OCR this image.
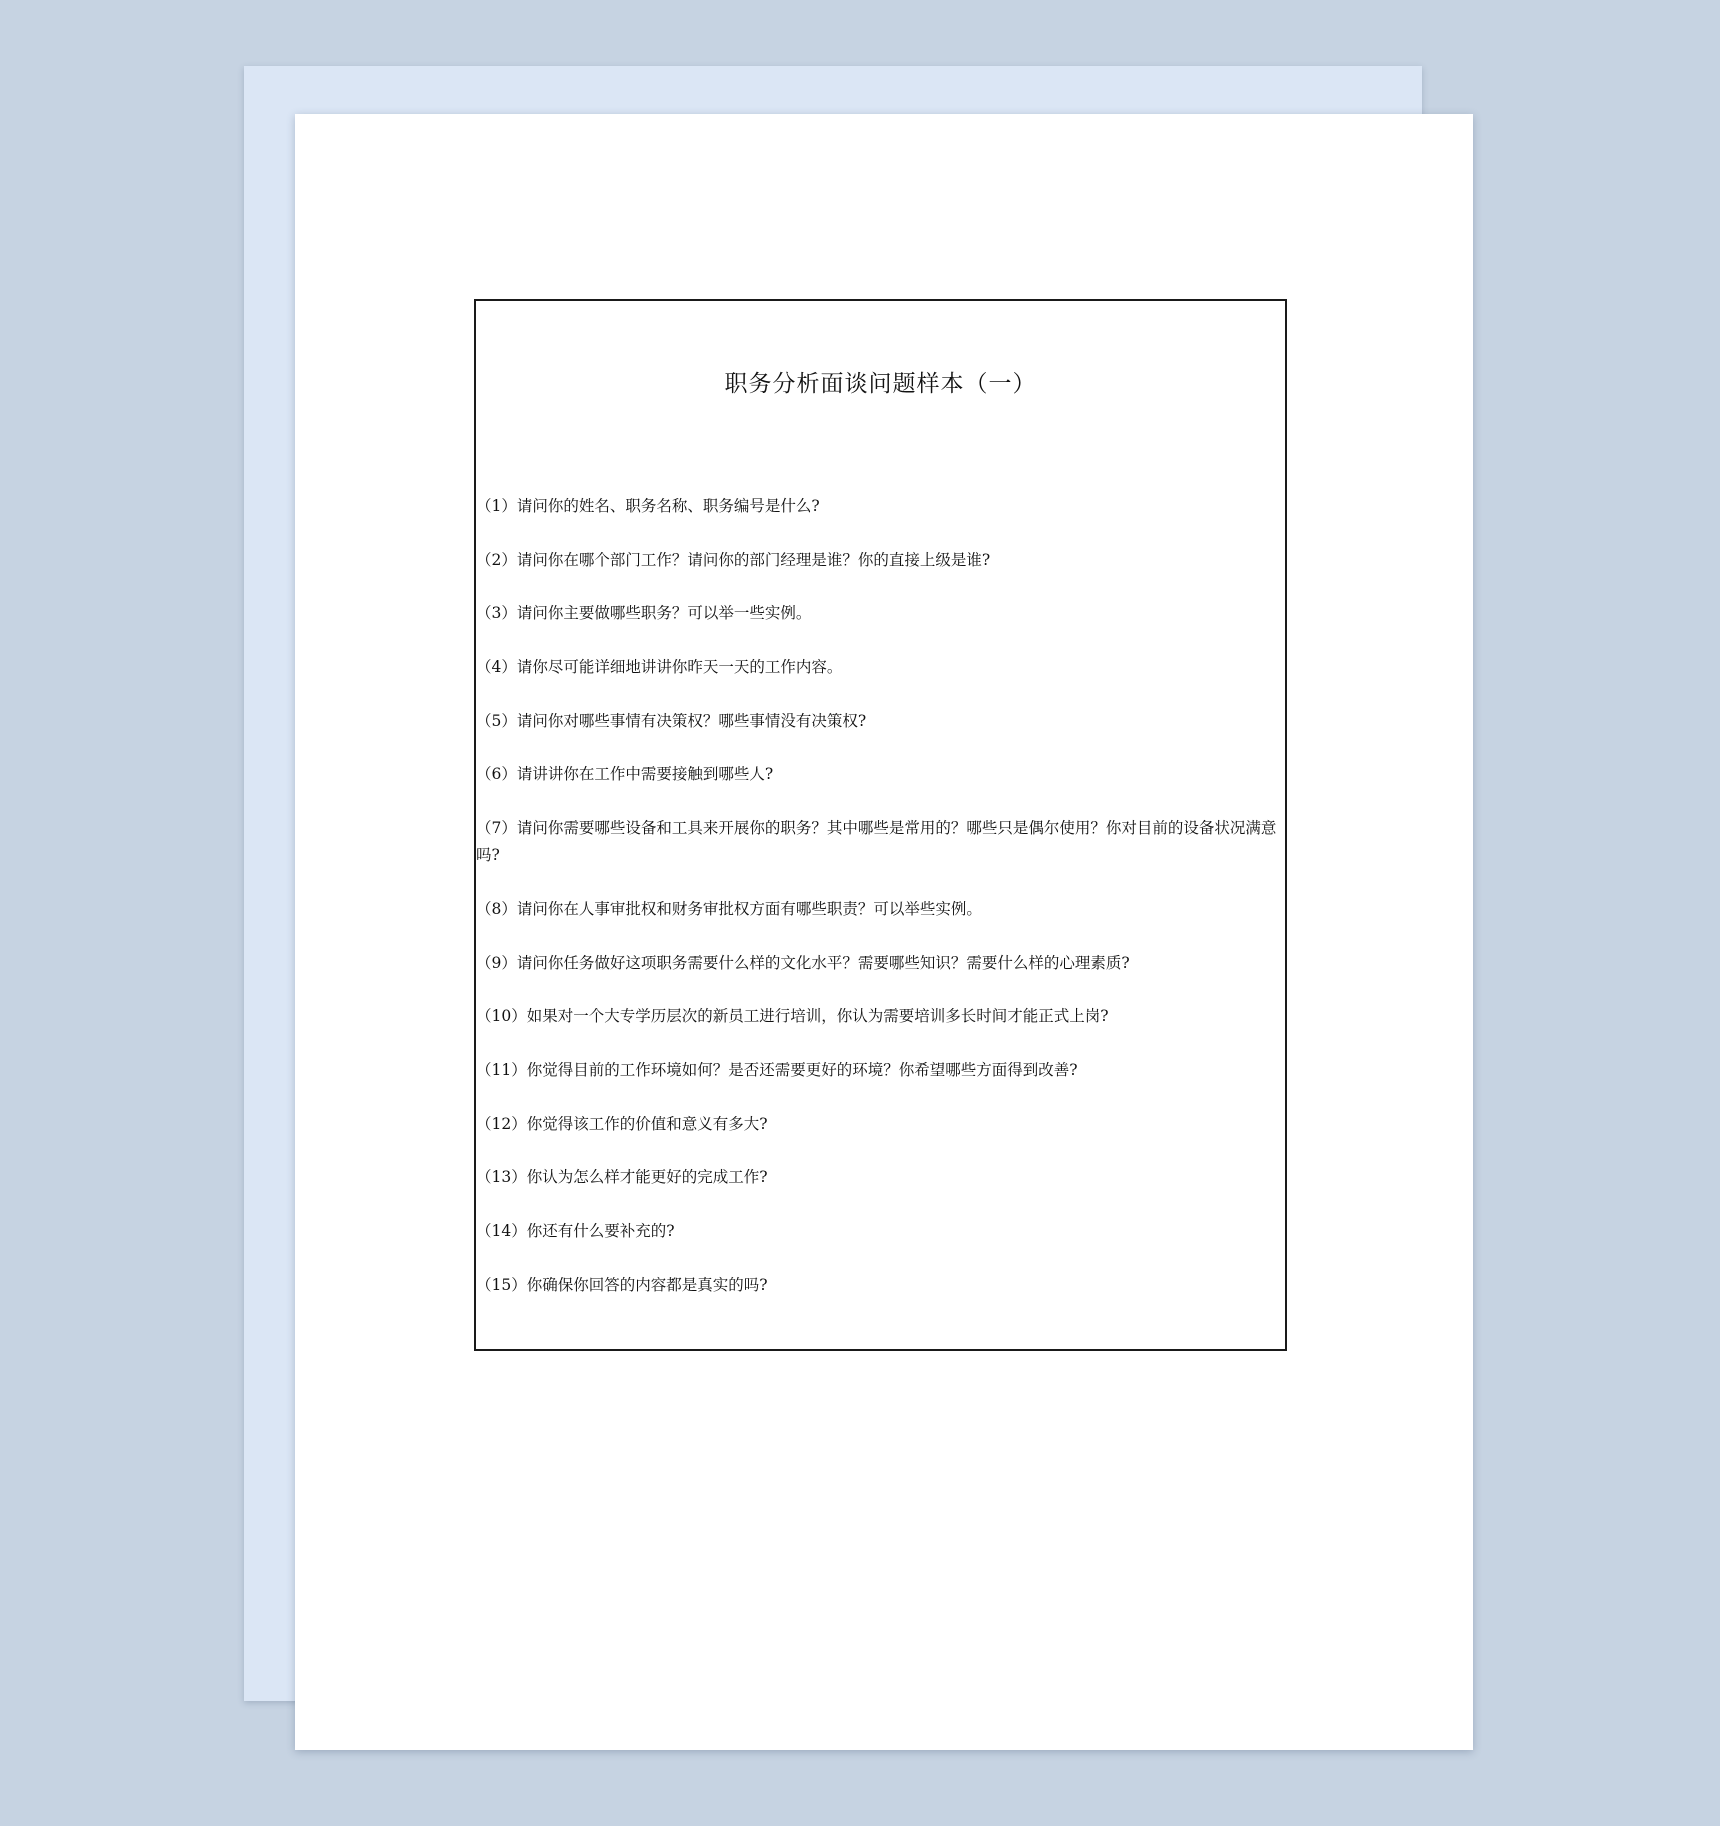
职务分析面谈问题样本（一）
（1）请问你的姓名、职务名称、职务编号是什么?
（2）请问你在哪个部门工作？请问你的部门经理是谁？你的直接上级是谁?
（3）请问你主要做哪些职务？可以举一些实例。
（4）请你尽可能详细地讲讲你昨天一天的工作内容。
（5）请问你对哪些事情有决策权？哪些事情没有决策权?
（6）请讲讲你在工作中需要接触到哪些人?
（7）请问你需要哪些设备和工具来开展你的职务？其中哪些是常用的？哪些只是偶尔使用？你对目前的设备状况满意吗?
（8）请问你在人事审批权和财务审批权方面有哪些职责？可以举些实例。
（9）请问你任务做好这项职务需要什么样的文化水平？需要哪些知识？需要什么样的心理素质?
（10）如果对一个大专学历层次的新员工进行培训，你认为需要培训多长时间才能正式上岗?
（11）你觉得目前的工作环境如何？是否还需要更好的环境？你希望哪些方面得到改善?
（12）你觉得该工作的价值和意义有多大?
（13）你认为怎么样才能更好的完成工作?
（14）你还有什么要补充的?
（15）你确保你回答的内容都是真实的吗?
